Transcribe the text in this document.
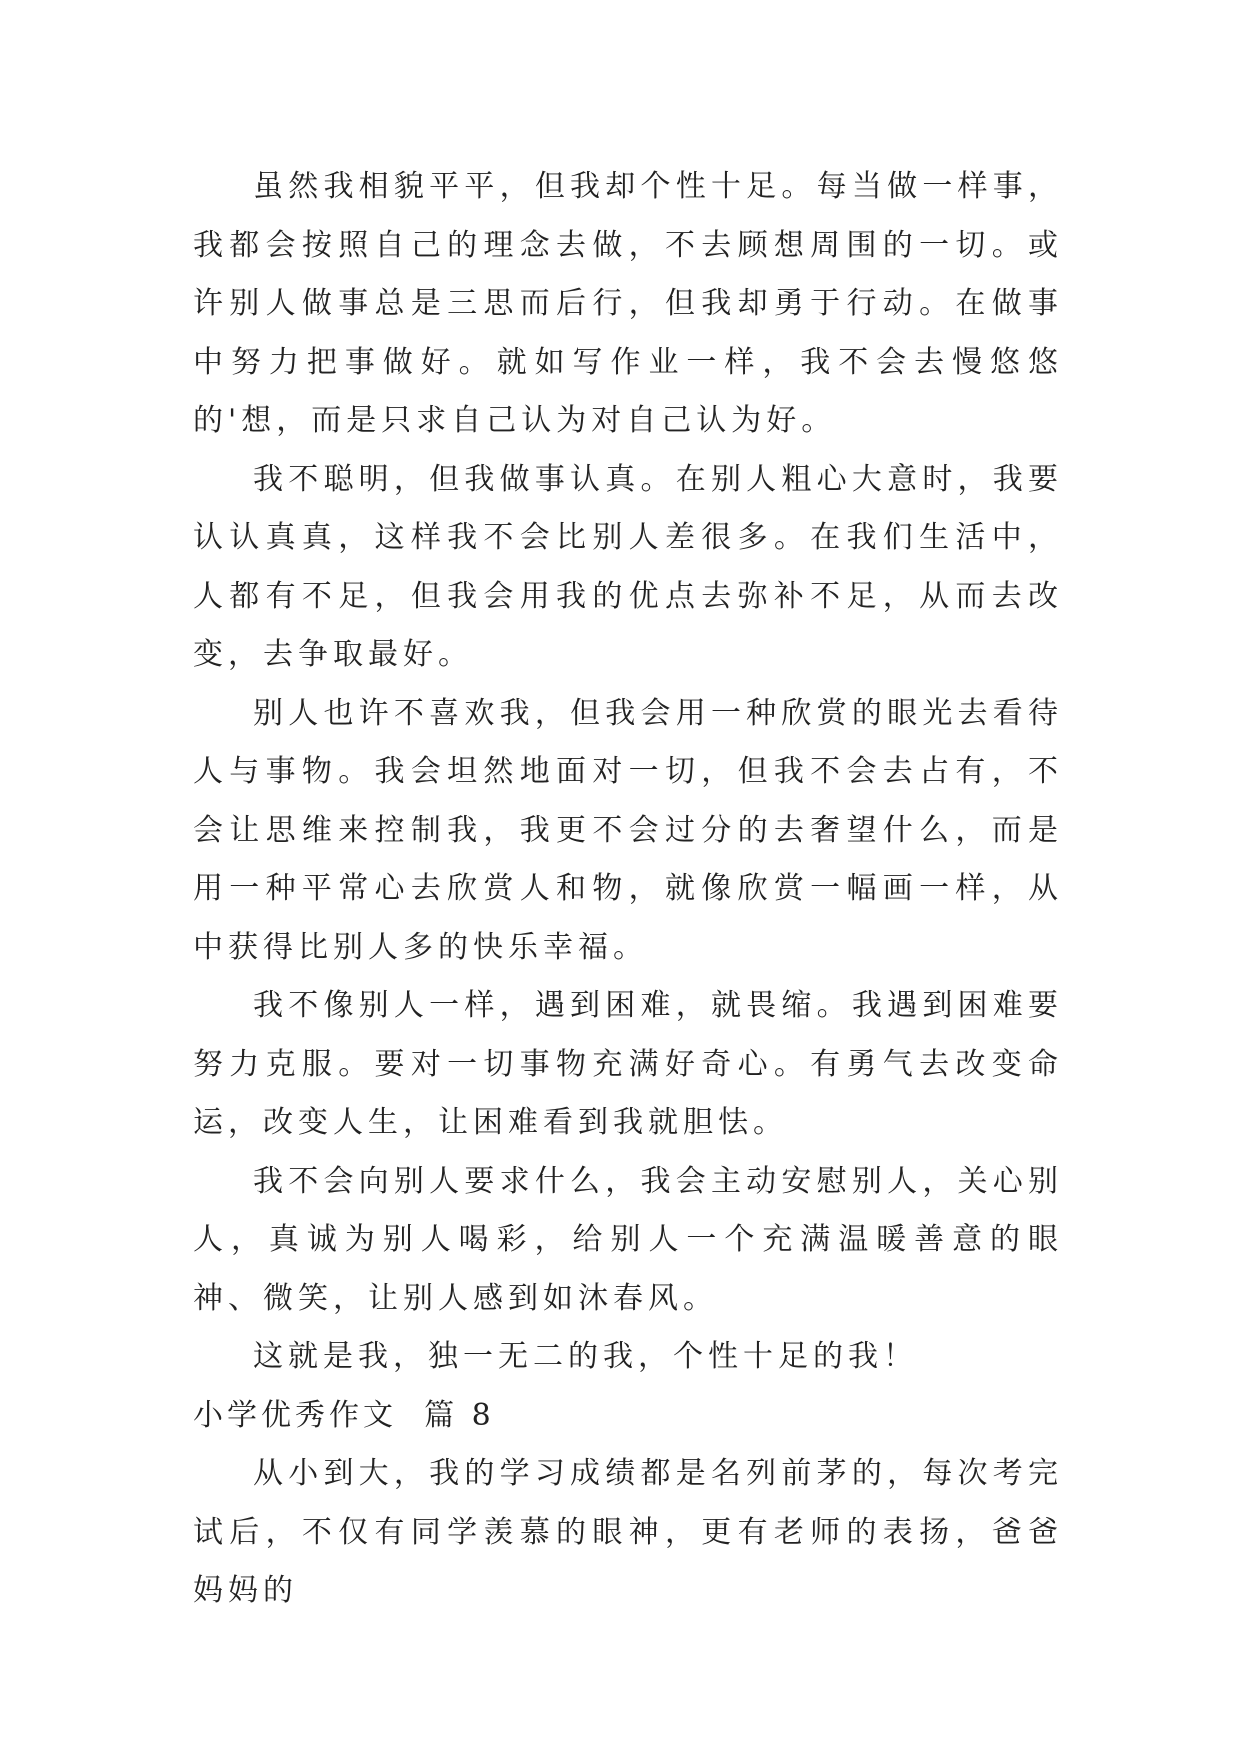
虽然我相貌平平，但我却个性十足。每当做一样事，我都会按照自己的理念去做，不去顾想周围的一切。或许别人做事总是三思而后行，但我却勇于行动。在做事中努力把事做好。就如写作业一样，我不会去慢悠悠的'想，而是只求自己认为对自己认为好。

我不聪明，但我做事认真。在别人粗心大意时，我要认认真真，这样我不会比别人差很多。在我们生活中，人都有不足，但我会用我的优点去弥补不足，从而去改变，去争取最好。

别人也许不喜欢我，但我会用一种欣赏的眼光去看待人与事物。我会坦然地面对一切，但我不会去占有，不会让思维来控制我，我更不会过分的去奢望什么，而是用一种平常心去欣赏人和物，就像欣赏一幅画一样，从中获得比别人多的快乐幸福。

我不像别人一样，遇到困难，就畏缩。我遇到困难要努力克服。要对一切事物充满好奇心。有勇气去改变命运，改变人生，让困难看到我就胆怯。

我不会向别人要求什么，我会主动安慰别人，关心别人，真诚为别人喝彩，给别人一个充满温暖善意的眼神、微笑，让别人感到如沐春风。

这就是我，独一无二的我，个性十足的我！

小学优秀作文  篇 8

从小到大，我的学习成绩都是名列前茅的，每次考完试后，不仅有同学羡慕的眼神，更有老师的表扬，爸爸妈妈的
